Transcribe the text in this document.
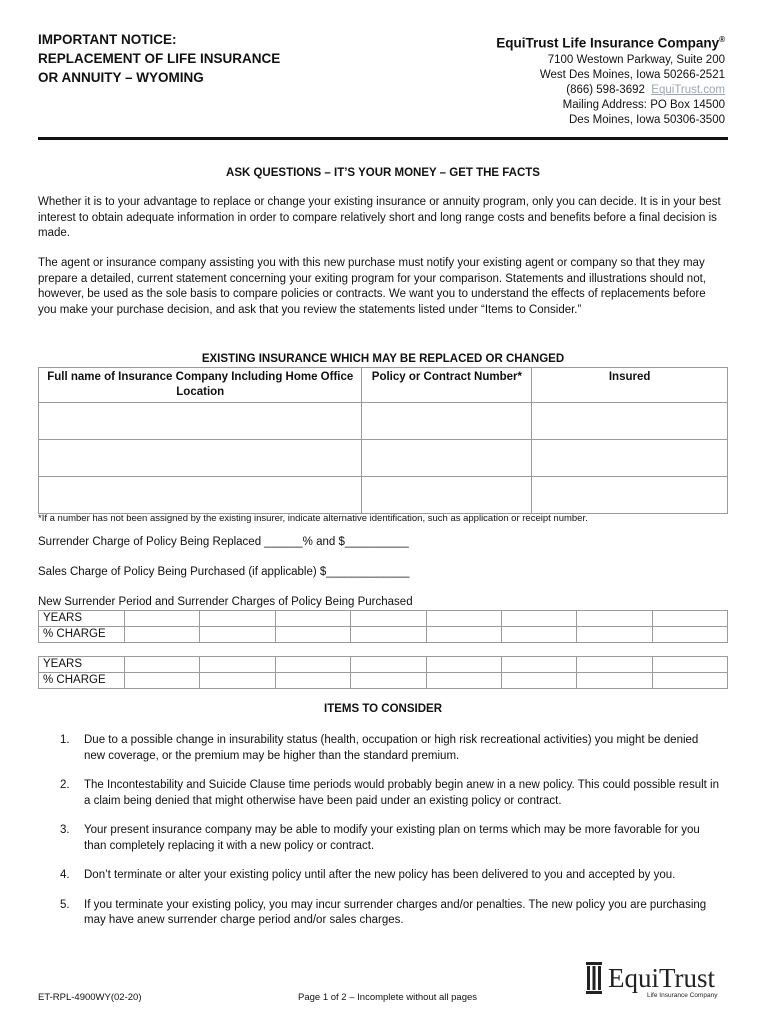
IMPORTANT NOTICE:
REPLACEMENT OF LIFE INSURANCE
OR ANNUITY – WYOMING
EquiTrust Life Insurance Company®
7100 Westown Parkway, Suite 200
West Des Moines, Iowa 50266-2521
(866) 598-3692 EquiTrust.com
Mailing Address: PO Box 14500
Des Moines, Iowa 50306-3500
ASK QUESTIONS – IT’S YOUR MONEY – GET THE FACTS
Whether it is to your advantage to replace or change your existing insurance or annuity program, only you can decide. It is in your best interest to obtain adequate information in order to compare relatively short and long range costs and benefits before a final decision is made.
The agent or insurance company assisting you with this new purchase must notify your existing agent or company so that they may prepare a detailed, current statement concerning your exiting program for your comparison. Statements and illustrations should not, however, be used as the sole basis to compare policies or contracts. We want you to understand the effects of replacements before you make your purchase decision, and ask that you review the statements listed under “Items to Consider.”
EXISTING INSURANCE WHICH MAY BE REPLACED OR CHANGED
Full name of Insurance Company Including Home Office Location	Policy or Contract Number*	Insured

*If a number has not been assigned by the existing insurer, indicate alternative identification, such as application or receipt number.
Surrender Charge of Policy Being Replaced ______% and $__________
Sales Charge of Policy Being Purchased (if applicable) $_____________
New Surrender Period and Surrender Charges of Policy Being Purchased
YEARS								
% CHARGE								
YEARS								
% CHARGE								
ITEMS TO CONSIDER
1.	Due to a possible change in insurability status (health, occupation or high risk recreational activities) you might be denied new coverage, or the premium may be higher than the standard premium.
2.	The Incontestability and Suicide Clause time periods would probably begin anew in a new policy. This could possible result in a claim being denied that might otherwise have been paid under an existing policy or contract.
3.	Your present insurance company may be able to modify your existing plan on terms which may be more favorable for you than completely replacing it with a new policy or contract.
4.	Don’t terminate or alter your existing policy until after the new policy has been delivered to you and accepted by you.
5.	If you terminate your existing policy, you may incur surrender charges and/or penalties. The new policy you are purchasing may have anew surrender charge period and/or sales charges.
ET-RPL-4900WY(02-20)	Page 1 of 2 – Incomplete without all pages
EquiTrust
Life Insurance Company
